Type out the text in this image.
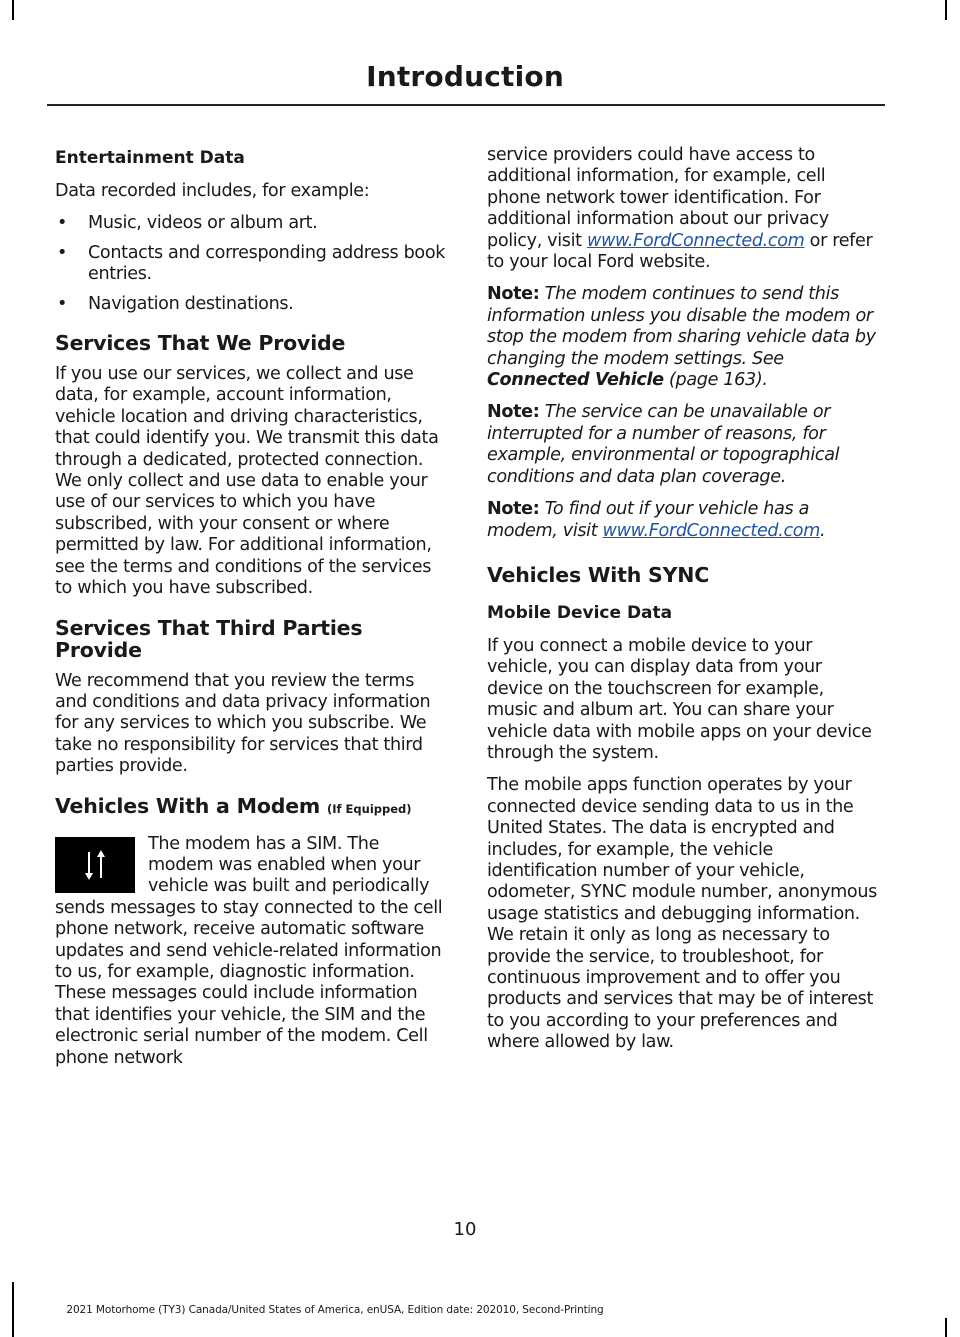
Introduction
Entertainment Data

Data recorded includes, for example:

• Music, videos or album art.
• Contacts and corresponding address book entries.
• Navigation destinations.
Services That We Provide

If you use our services, we collect and use data, for example, account information, vehicle location and driving characteristics, that could identify you. We transmit this data through a dedicated, protected connection. We only collect and use data to enable your use of our services to which you have subscribed, with your consent or where permitted by law. For additional information, see the terms and conditions of the services to which you have subscribed.

Services That Third Parties Provide

We recommend that you review the terms and conditions and data privacy information for any services to which you subscribe. We take no responsibility for services that third parties provide.

Vehicles With a Modem (If Equipped)

The modem has a SIM. The modem was enabled when your vehicle was built and periodically sends messages to stay connected to the cell phone network, receive automatic software updates and send vehicle-related information to us, for example, diagnostic information. These messages could include information that identifies your vehicle, the SIM and the electronic serial number of the modem. Cell phone network

service providers could have access to additional information, for example, cell phone network tower identification. For additional information about our privacy policy, visit www.FordConnected.com or refer to your local Ford website.

Note: The modem continues to send this information unless you disable the modem or stop the modem from sharing vehicle data by changing the modem settings. See Connected Vehicle (page 163).

Note: The service can be unavailable or interrupted for a number of reasons, for example, environmental or topographical conditions and data plan coverage.

Note: To find out if your vehicle has a modem, visit www.FordConnected.com.

Vehicles With SYNC
Mobile Device Data

If you connect a mobile device to your vehicle, you can display data from your device on the touchscreen for example, music and album art. You can share your vehicle data with mobile apps on your device through the system.

The mobile apps function operates by your connected device sending data to us in the United States. The data is encrypted and includes, for example, the vehicle identification number of your vehicle, odometer, SYNC module number, anonymous usage statistics and debugging information. We retain it only as long as necessary to provide the service, to troubleshoot, for continuous improvement and to offer you products and services that may be of interest to you according to your preferences and where allowed by law.

10
2021 Motorhome (TY3) Canada/United States of America, enUSA, Edition date: 202010, Second-Printing
